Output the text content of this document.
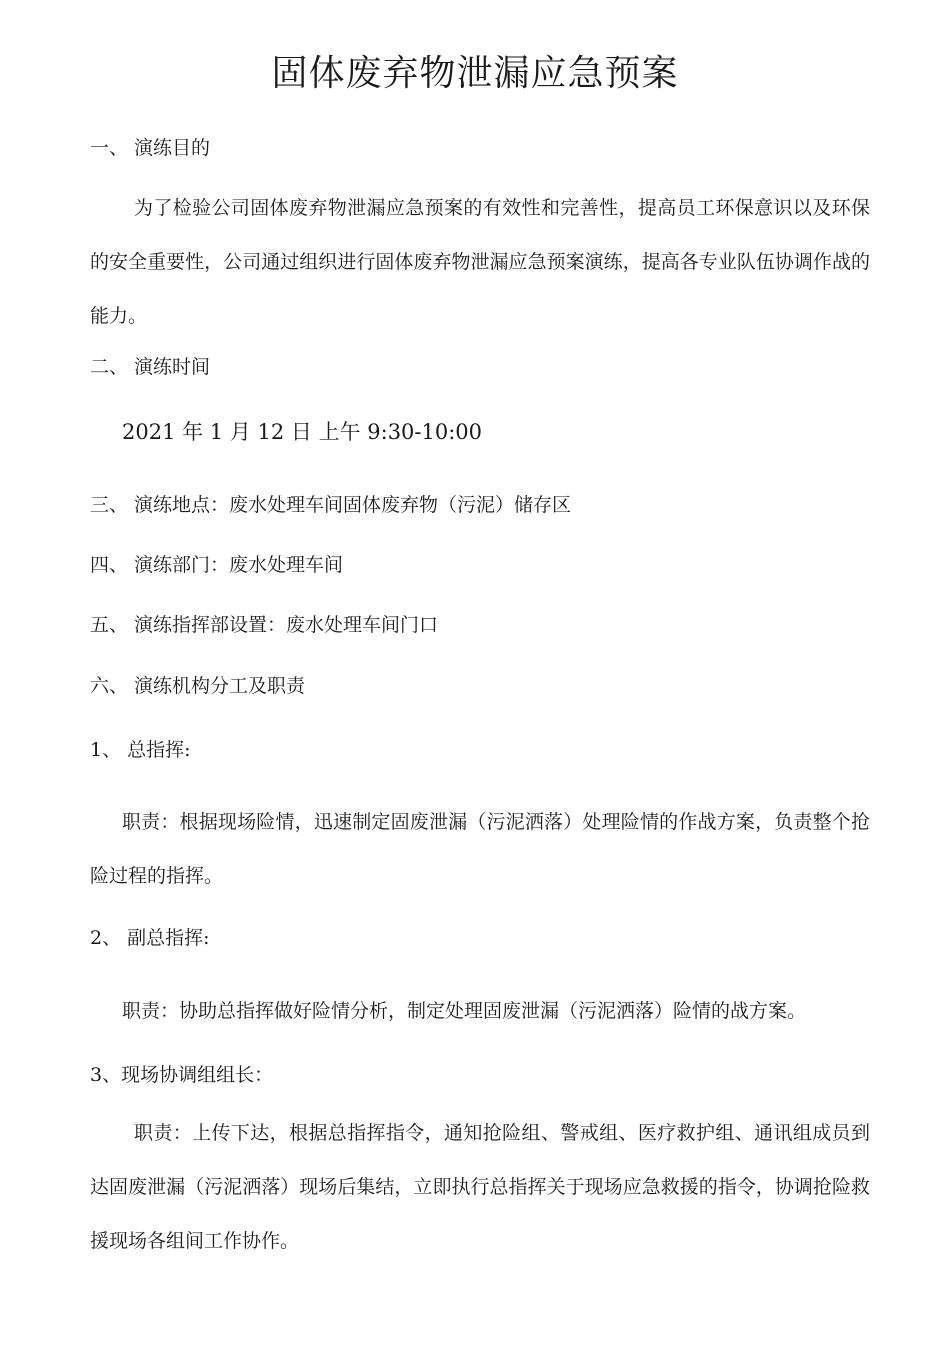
固体废弃物泄漏应急预案
一、 演练目的
为了检验公司固体废弃物泄漏应急预案的有效性和完善性，提高员工环保意识以及环保的安全重要性，公司通过组织进行固体废弃物泄漏应急预案演练，提高各专业队伍协调作战的能力。
二、 演练时间
2021 年 1 月 12 日 上午 9:30-10:00
三、 演练地点：废水处理车间固体废弃物（污泥）储存区
四、 演练部门：废水处理车间
五、 演练指挥部设置：废水处理车间门口
六、 演练机构分工及职责
1、 总指挥:
职责：根据现场险情，迅速制定固废泄漏（污泥洒落）处理险情的作战方案，负责整个抢险过程的指挥。
2、 副总指挥:
职责：协助总指挥做好险情分析，制定处理固废泄漏（污泥洒落）险情的战方案。
3、现场协调组组长：
职责：上传下达，根据总指挥指令，通知抢险组、警戒组、医疗救护组、通讯组成员到达固废泄漏（污泥洒落）现场后集结，立即执行总指挥关于现场应急救援的指令，协调抢险救援现场各组间工作协作。
